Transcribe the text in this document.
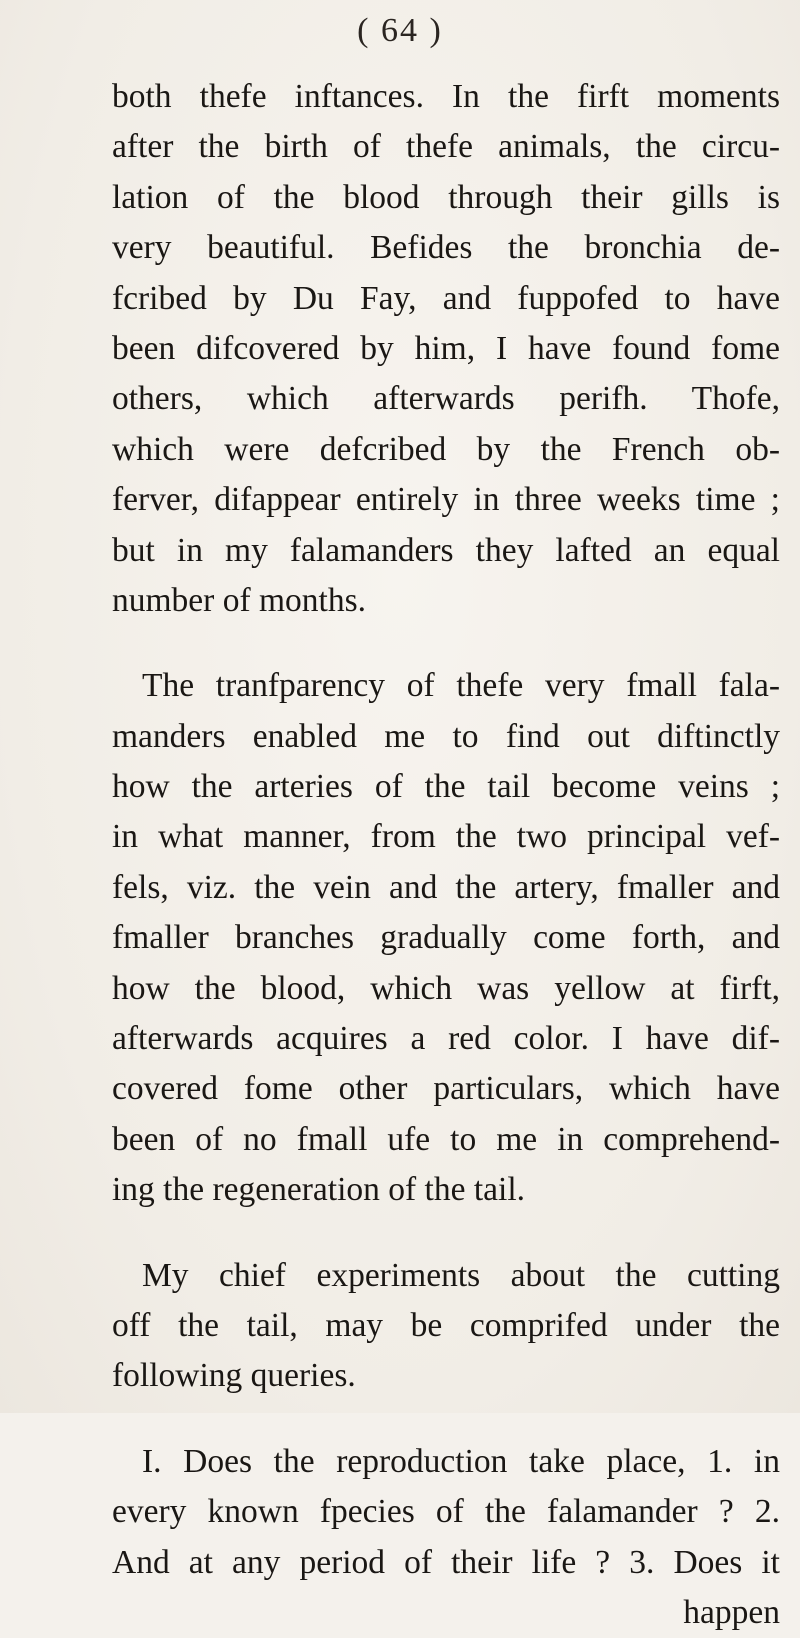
( 64 )
both thefe inftances. In the firft moments
after the birth of thefe animals, the circu-
lation of the blood through their gills is
very beautiful. Befides the bronchia de-
fcribed by Du Fay, and fuppofed to have
been difcovered by him, I have found fome
others, which afterwards perifh. Thofe,
which were defcribed by the French ob-
ferver, difappear entirely in three weeks time ;
but in my falamanders they lafted an equal
number of months.
The tranfparency of thefe very fmall fala-
manders enabled me to find out diftinctly
how the arteries of the tail become veins ;
in what manner, from the two principal vef-
fels, viz. the vein and the artery, fmaller and
fmaller branches gradually come forth, and
how the blood, which was yellow at firft,
afterwards acquires a red color. I have dif-
covered fome other particulars, which have
been of no fmall ufe to me in comprehend-
ing the regeneration of the tail.
My chief experiments about the cutting
off the tail, may be comprifed under the
following queries.
I. Does the reproduction take place, 1. in
every known fpecies of the falamander ? 2.
And at any period of their life ? 3. Does it
happen
